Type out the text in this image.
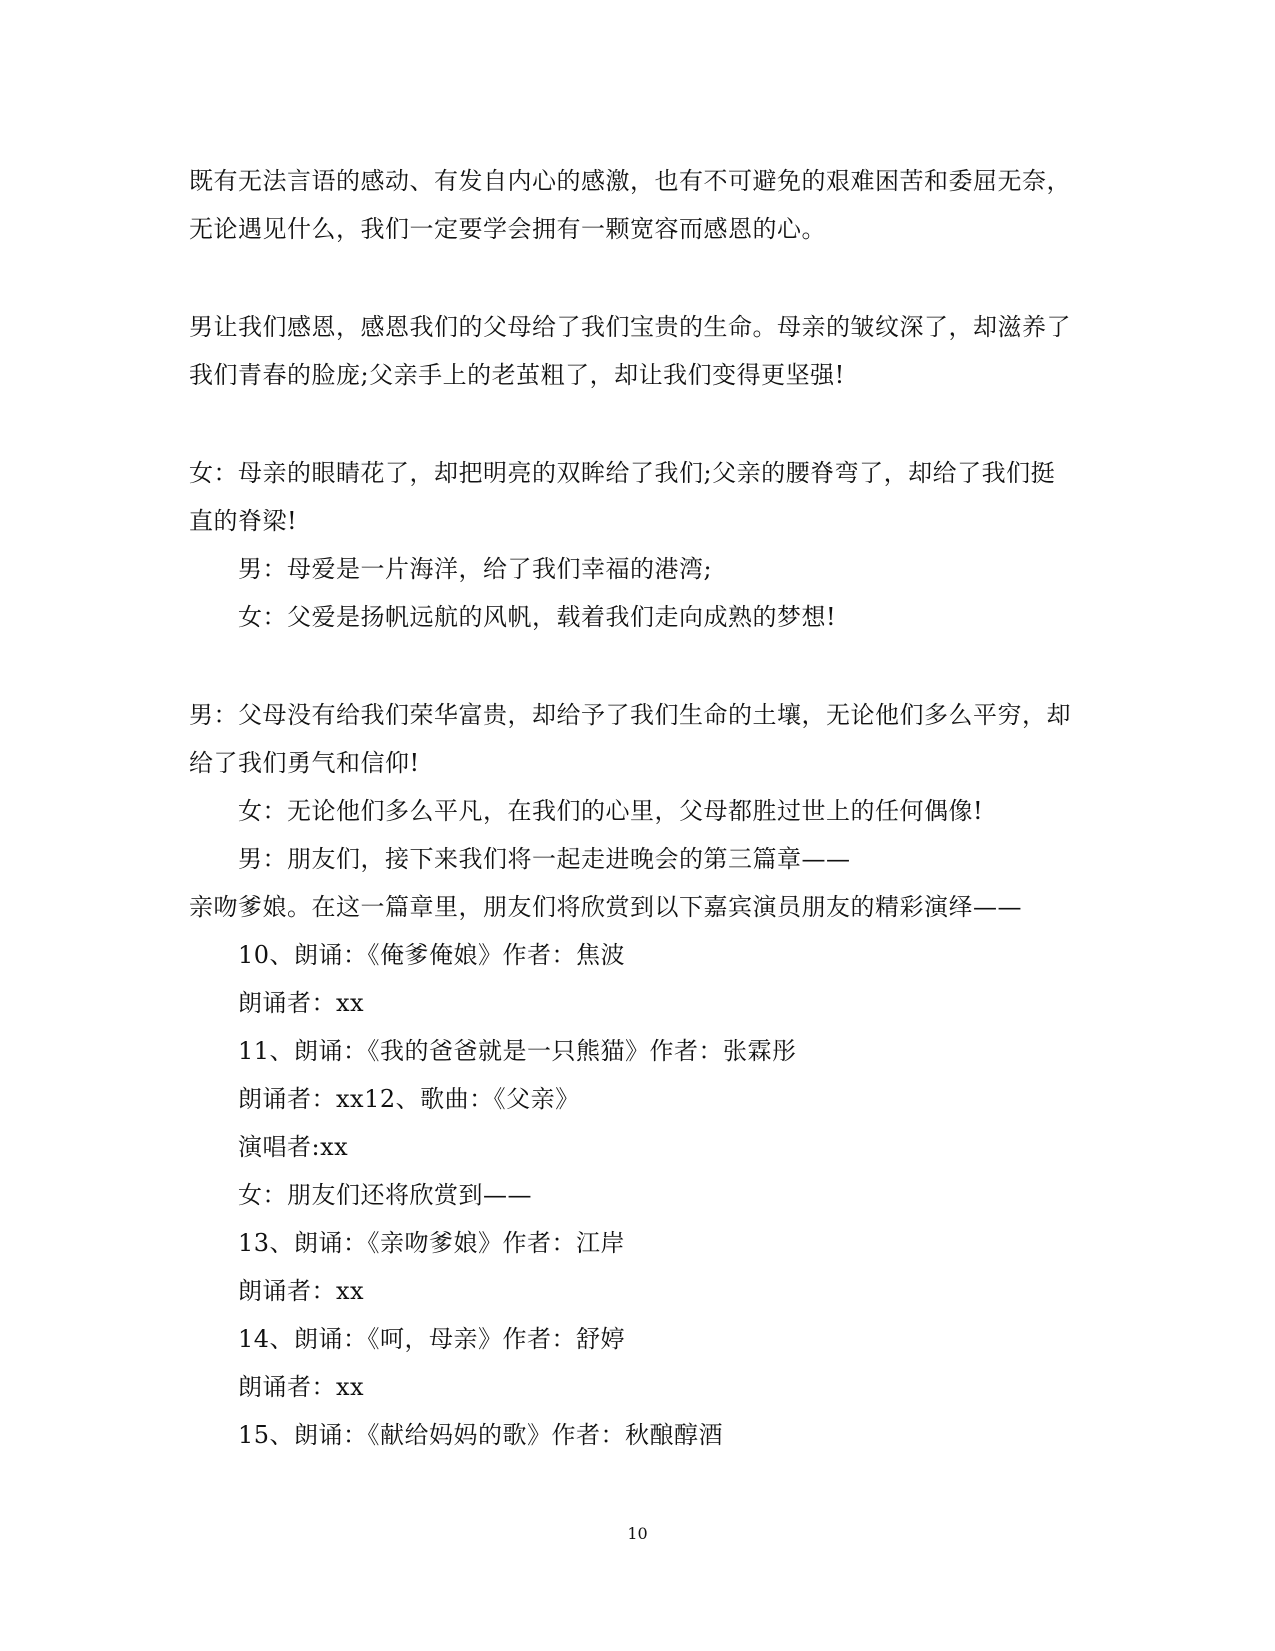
既有无法言语的感动、有发自内心的感激，也有不可避免的艰难困苦和委屈无奈，
无论遇见什么，我们一定要学会拥有一颗宽容而感恩的心。
男让我们感恩，感恩我们的父母给了我们宝贵的生命。母亲的皱纹深了，却滋养了
我们青春的脸庞;父亲手上的老茧粗了，却让我们变得更坚强!
女：母亲的眼睛花了，却把明亮的双眸给了我们;父亲的腰脊弯了，却给了我们挺
直的脊梁!
男：母爱是一片海洋，给了我们幸福的港湾;
女：父爱是扬帆远航的风帆，载着我们走向成熟的梦想!
男：父母没有给我们荣华富贵，却给予了我们生命的土壤，无论他们多么平穷，却
给了我们勇气和信仰!
女：无论他们多么平凡，在我们的心里，父母都胜过世上的任何偶像!
男：朋友们，接下来我们将一起走进晚会的第三篇章——
亲吻爹娘。在这一篇章里，朋友们将欣赏到以下嘉宾演员朋友的精彩演绎——
10、朗诵：《俺爹俺娘》作者：焦波
朗诵者：xx
11、朗诵：《我的爸爸就是一只熊猫》作者：张霖彤
朗诵者：xx12、歌曲：《父亲》
演唱者:xx
女：朋友们还将欣赏到——
13、朗诵：《亲吻爹娘》作者：江岸
朗诵者：xx
14、朗诵：《呵，母亲》作者：舒婷
朗诵者：xx
15、朗诵：《献给妈妈的歌》作者：秋酿醇酒
10
